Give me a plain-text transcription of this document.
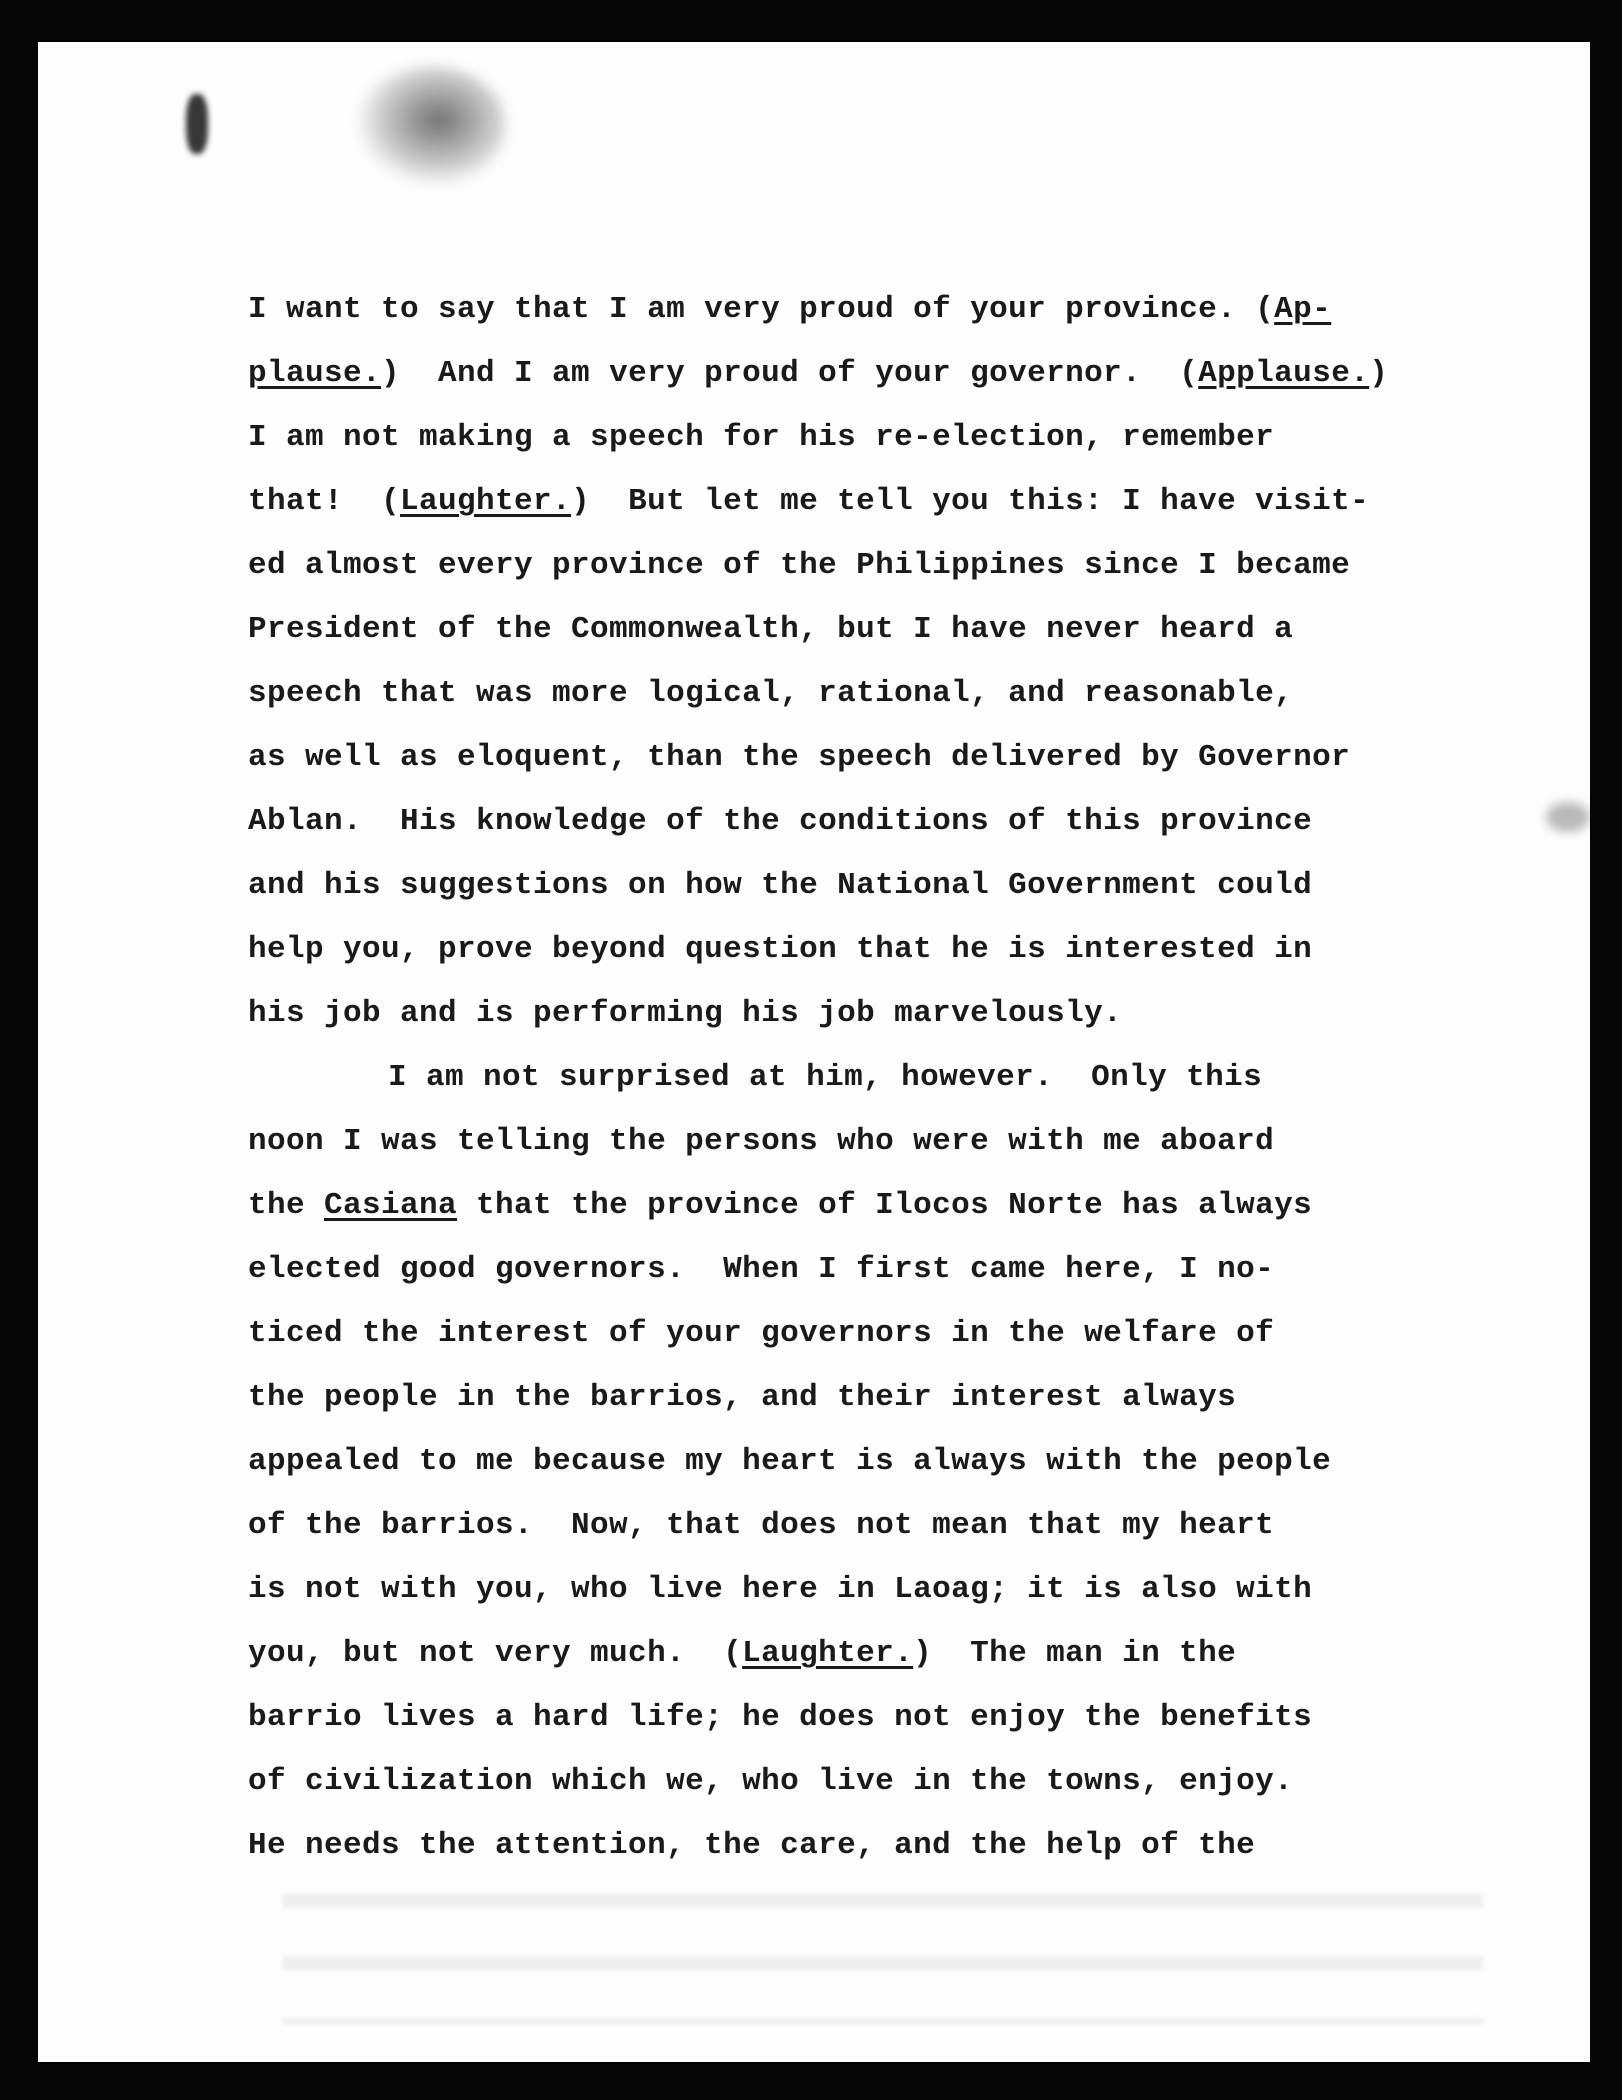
I want to say that I am very proud of your province. (Ap-
plause.)  And I am very proud of your governor.  (Applause.)
I am not making a speech for his re-election, remember
that!  (Laughter.)  But let me tell you this: I have visit-
ed almost every province of the Philippines since I became
President of the Commonwealth, but I have never heard a
speech that was more logical, rational, and reasonable,
as well as eloquent, than the speech delivered by Governor
Ablan.  His knowledge of the conditions of this province
and his suggestions on how the National Government could
help you, prove beyond question that he is interested in
his job and is performing his job marvelously.
I am not surprised at him, however.  Only this
noon I was telling the persons who were with me aboard
the Casiana that the province of Ilocos Norte has always
elected good governors.  When I first came here, I no-
ticed the interest of your governors in the welfare of
the people in the barrios, and their interest always
appealed to me because my heart is always with the people
of the barrios.  Now, that does not mean that my heart
is not with you, who live here in Laoag; it is also with
you, but not very much.  (Laughter.)  The man in the
barrio lives a hard life; he does not enjoy the benefits
of civilization which we, who live in the towns, enjoy.
He needs the attention, the care, and the help of the
